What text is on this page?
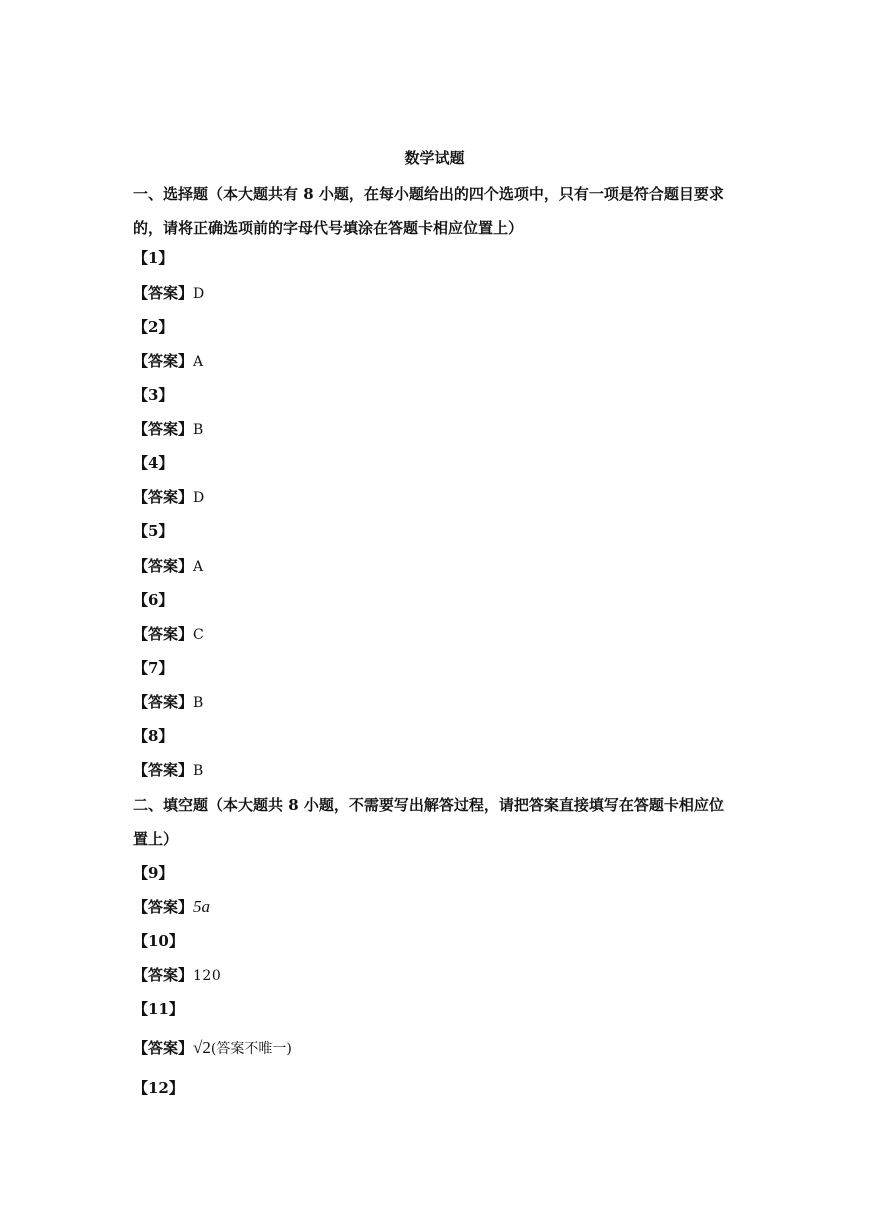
数学试题
一、选择题（本大题共有 8 小题，在每小题给出的四个选项中，只有一项是符合题目要求
的，请将正确选项前的字母代号填涂在答题卡相应位置上）
【1】
【答案】D
【2】
【答案】A
【3】
【答案】B
【4】
【答案】D
【5】
【答案】A
【6】
【答案】C
【7】
【答案】B
【8】
【答案】B
二、填空题（本大题共 8 小题，不需要写出解答过程，请把答案直接填写在答题卡相应位
置上）
【9】
【答案】5a
【10】
【答案】120
【11】
【答案】√2(答案不唯一)
【12】
